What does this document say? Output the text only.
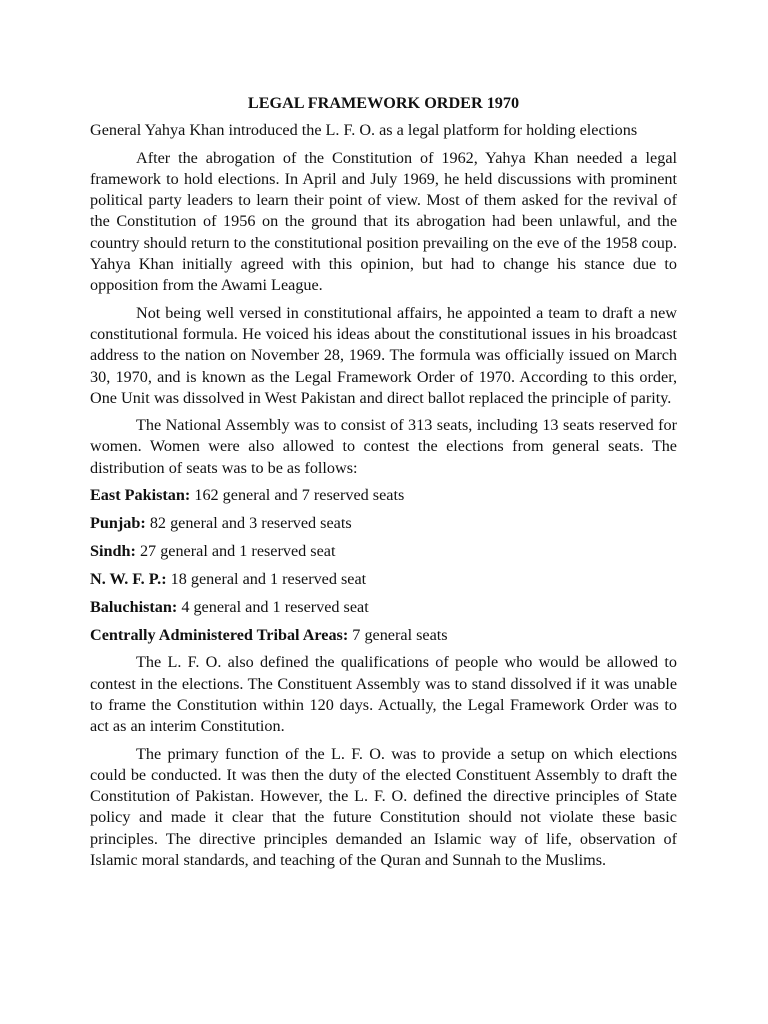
LEGAL FRAMEWORK ORDER 1970
General Yahya Khan introduced the L. F. O. as a legal platform for holding elections
After the abrogation of the Constitution of 1962, Yahya Khan needed a legal framework to hold elections. In April and July 1969, he held discussions with prominent political party leaders to learn their point of view. Most of them asked for the revival of the Constitution of 1956 on the ground that its abrogation had been unlawful, and the country should return to the constitutional position prevailing on the eve of the 1958 coup. Yahya Khan initially agreed with this opinion, but had to change his stance due to opposition from the Awami League.
Not being well versed in constitutional affairs, he appointed a team to draft a new constitutional formula. He voiced his ideas about the constitutional issues in his broadcast address to the nation on November 28, 1969. The formula was officially issued on March 30, 1970, and is known as the Legal Framework Order of 1970. According to this order, One Unit was dissolved in West Pakistan and direct ballot replaced the principle of parity.
The National Assembly was to consist of 313 seats, including 13 seats reserved for women. Women were also allowed to contest the elections from general seats. The distribution of seats was to be as follows:
East Pakistan: 162 general and 7 reserved seats
Punjab: 82 general and 3 reserved seats
Sindh: 27 general and 1 reserved seat
N. W. F. P.: 18 general and 1 reserved seat
Baluchistan: 4 general and 1 reserved seat
Centrally Administered Tribal Areas: 7 general seats
The L. F. O. also defined the qualifications of people who would be allowed to contest in the elections. The Constituent Assembly was to stand dissolved if it was unable to frame the Constitution within 120 days. Actually, the Legal Framework Order was to act as an interim Constitution.
The primary function of the L. F. O. was to provide a setup on which elections could be conducted. It was then the duty of the elected Constituent Assembly to draft the Constitution of Pakistan. However, the L. F. O. defined the directive principles of State policy and made it clear that the future Constitution should not violate these basic principles. The directive principles demanded an Islamic way of life, observation of Islamic moral standards, and teaching of the Quran and Sunnah to the Muslims.
